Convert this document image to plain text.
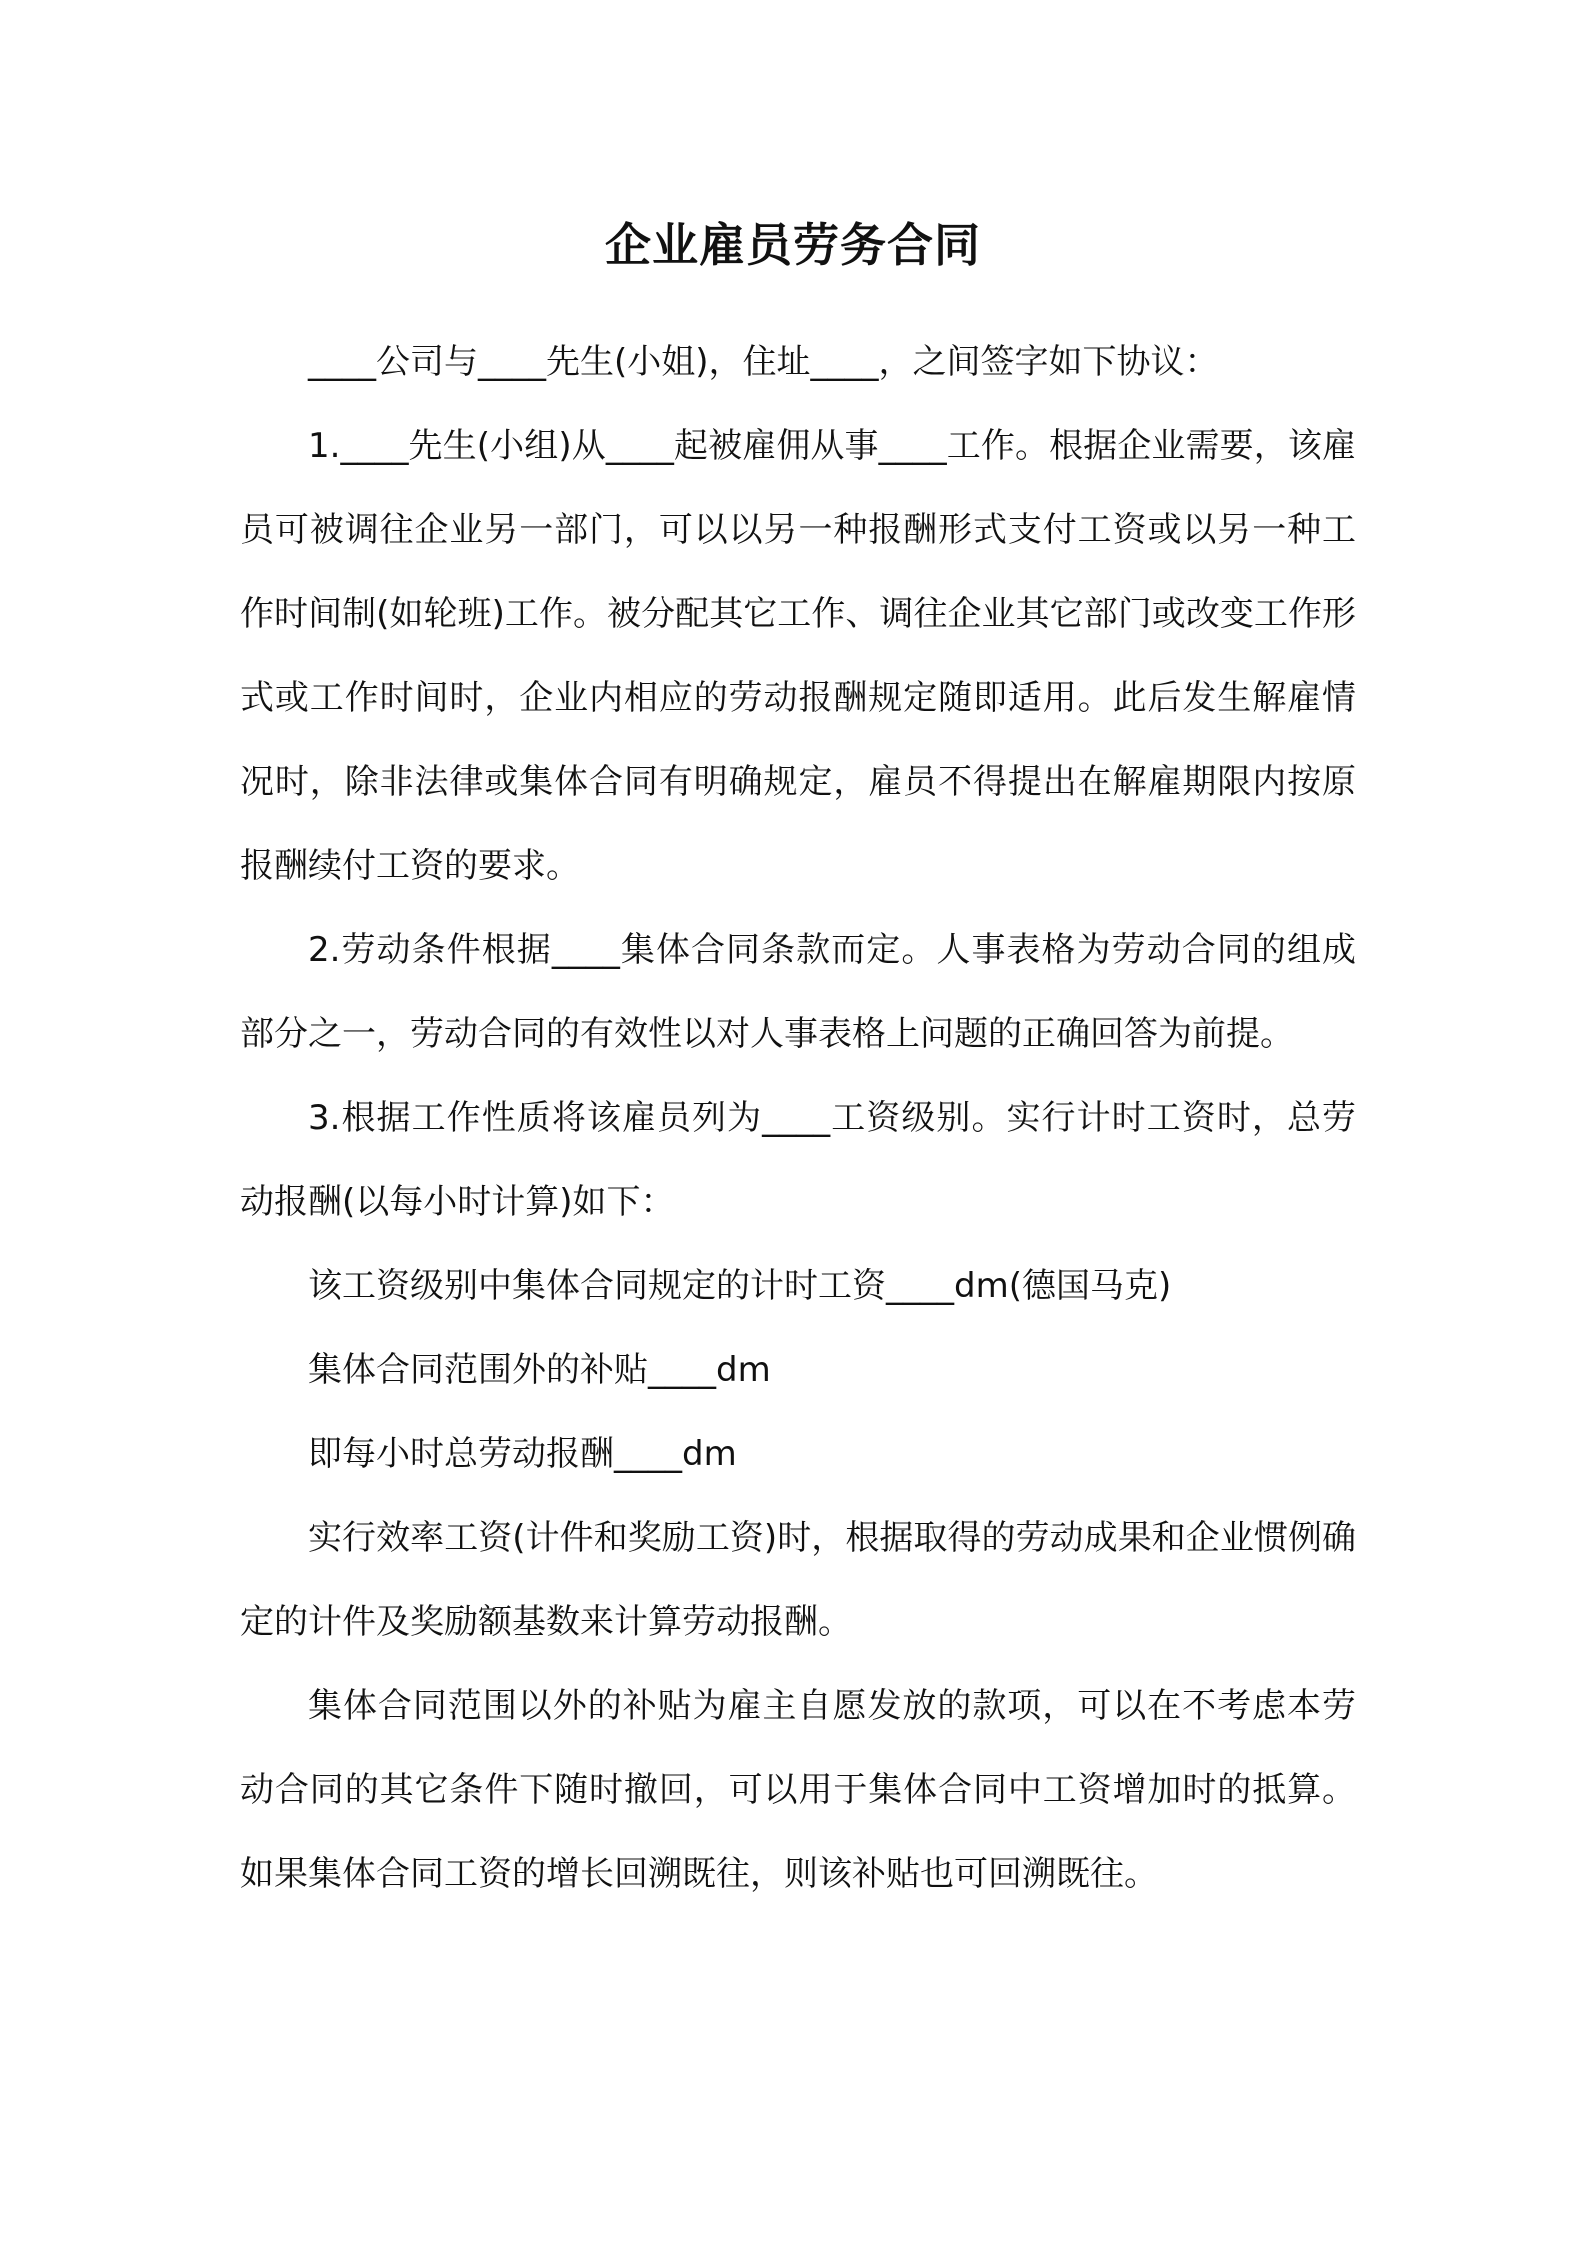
企业雇员劳务合同

____公司与____先生(小姐)，住址____，之间签字如下协议：

1.____先生(小组)从____起被雇佣从事____工作。根据企业需要，该雇员可被调往企业另一部门，可以以另一种报酬形式支付工资或以另一种工作时间制(如轮班)工作。被分配其它工作、调往企业其它部门或改变工作形式或工作时间时，企业内相应的劳动报酬规定随即适用。此后发生解雇情况时，除非法律或集体合同有明确规定，雇员不得提出在解雇期限内按原报酬续付工资的要求。

2.劳动条件根据____集体合同条款而定。人事表格为劳动合同的组成部分之一，劳动合同的有效性以对人事表格上问题的正确回答为前提。

3.根据工作性质将该雇员列为____工资级别。实行计时工资时，总劳动报酬(以每小时计算)如下：

该工资级别中集体合同规定的计时工资____dm(德国马克)

集体合同范围外的补贴____dm

即每小时总劳动报酬____dm

实行效率工资(计件和奖励工资)时，根据取得的劳动成果和企业惯例确定的计件及奖励额基数来计算劳动报酬。

集体合同范围以外的补贴为雇主自愿发放的款项，可以在不考虑本劳动合同的其它条件下随时撤回，可以用于集体合同中工资增加时的抵算。如果集体合同工资的增长回溯既往，则该补贴也可回溯既往。
